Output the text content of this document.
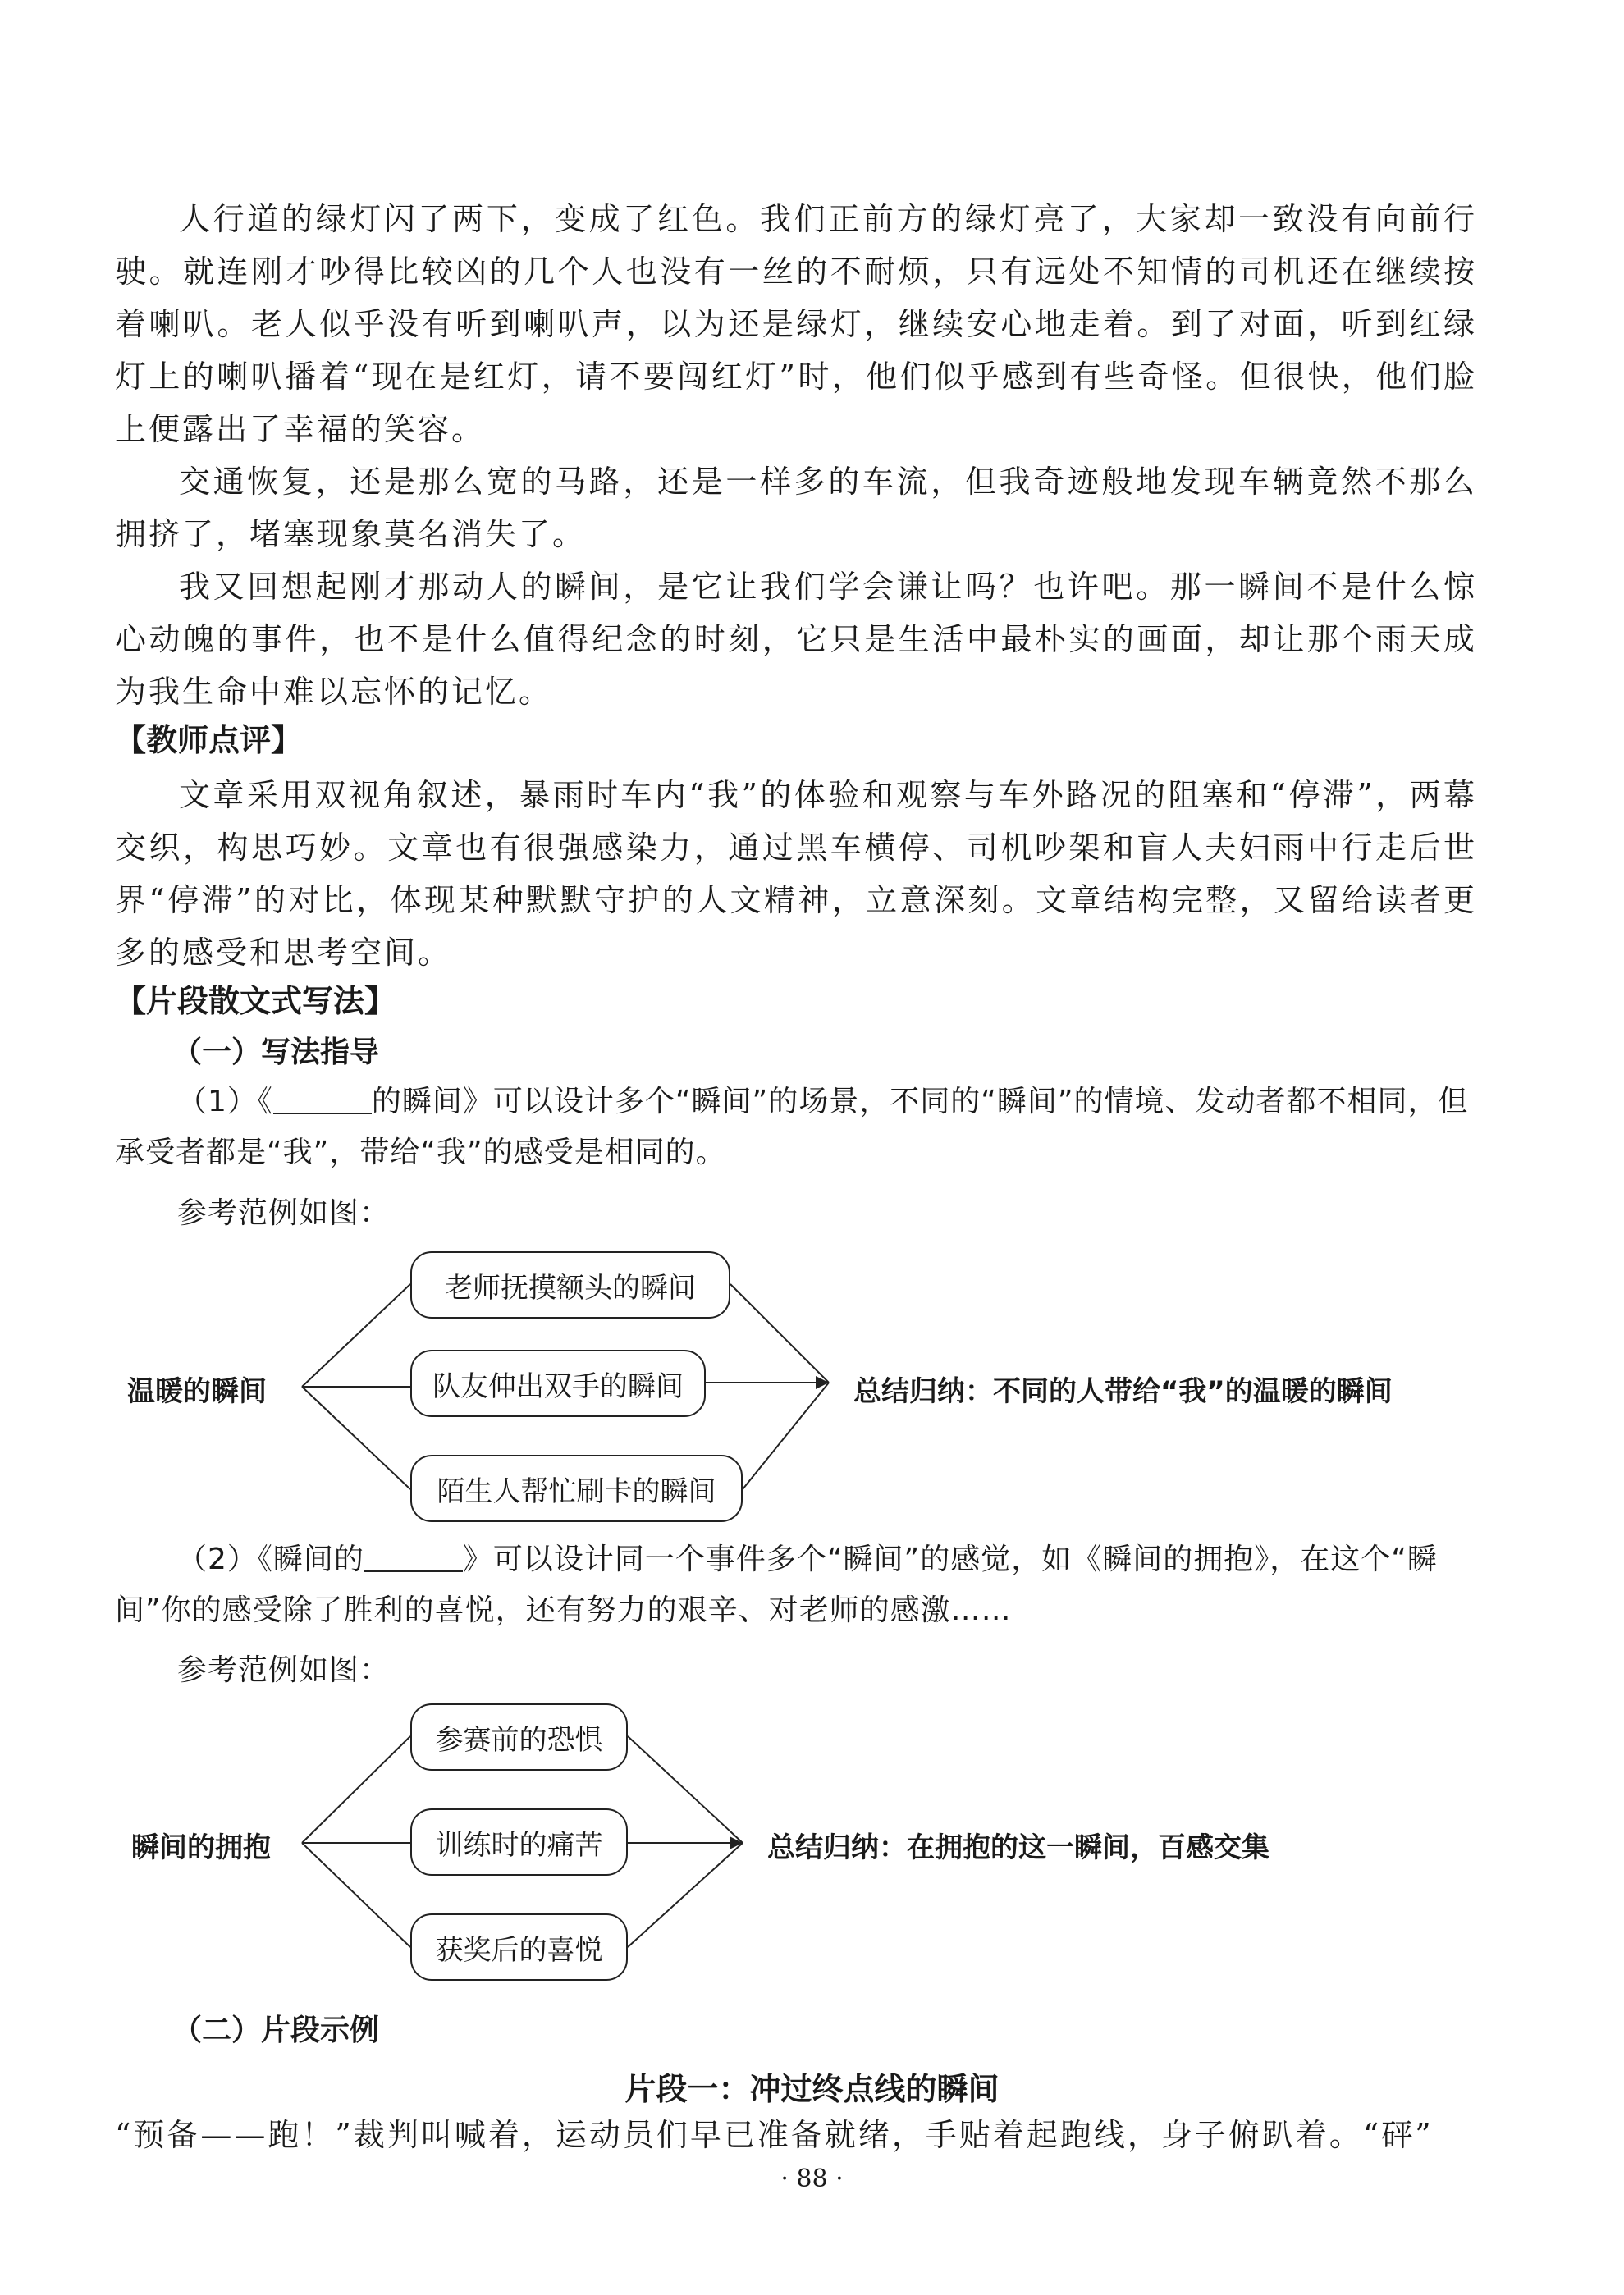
人行道的绿灯闪了两下，变成了红色。我们正前方的绿灯亮了，大家却一致没有向前行驶。就连刚才吵得比较凶的几个人也没有一丝的不耐烦，只有远处不知情的司机还在继续按着喇叭。老人似乎没有听到喇叭声，以为还是绿灯，继续安心地走着。到了对面，听到红绿灯上的喇叭播着“现在是红灯，请不要闯红灯”时，他们似乎感到有些奇怪。但很快，他们脸上便露出了幸福的笑容。

交通恢复，还是那么宽的马路，还是一样多的车流，但我奇迹般地发现车辆竟然不那么拥挤了，堵塞现象莫名消失了。

我又回想起刚才那动人的瞬间，是它让我们学会谦让吗？也许吧。那一瞬间不是什么惊心动魄的事件，也不是什么值得纪念的时刻，它只是生活中最朴实的画面，却让那个雨天成为我生命中难以忘怀的记忆。

【教师点评】

文章采用双视角叙述，暴雨时车内“我”的体验和观察与车外路况的阻塞和“停滞”，两幕交织，构思巧妙。文章也有很强感染力，通过黑车横停、司机吵架和盲人夫妇雨中行走后世界“停滞”的对比，体现某种默默守护的人文精神，立意深刻。文章结构完整，又留给读者更多的感受和思考空间。

【片段散文式写法】

（一）写法指导

（1）《	的瞬间》可以设计多个“瞬间”的场景，不同的“瞬间”的情境、发动者都不相同，但承受者都是“我”，带给“我”的感受是相同的。

参考范例如图：

温暖的瞬间
老师抚摸额头的瞬间
队友伸出双手的瞬间
陌生人帮忙刷卡的瞬间
总结归纳：不同的人带给“我”的温暖的瞬间

（2）《瞬间的	》可以设计同一个事件多个“瞬间”的感觉，如《瞬间的拥抱》，在这个“瞬间”你的感受除了胜利的喜悦，还有努力的艰辛、对老师的感激……

参考范例如图：

瞬间的拥抱
参赛前的恐惧
训练时的痛苦
获奖后的喜悦
总结归纳：在拥抱的这一瞬间，百感交集

（二）片段示例

片段一：冲过终点线的瞬间

“预备——跑！”裁判叫喊着，运动员们早已准备就绪，手贴着起跑线，身子俯趴着。“砰”

· 88 ·
